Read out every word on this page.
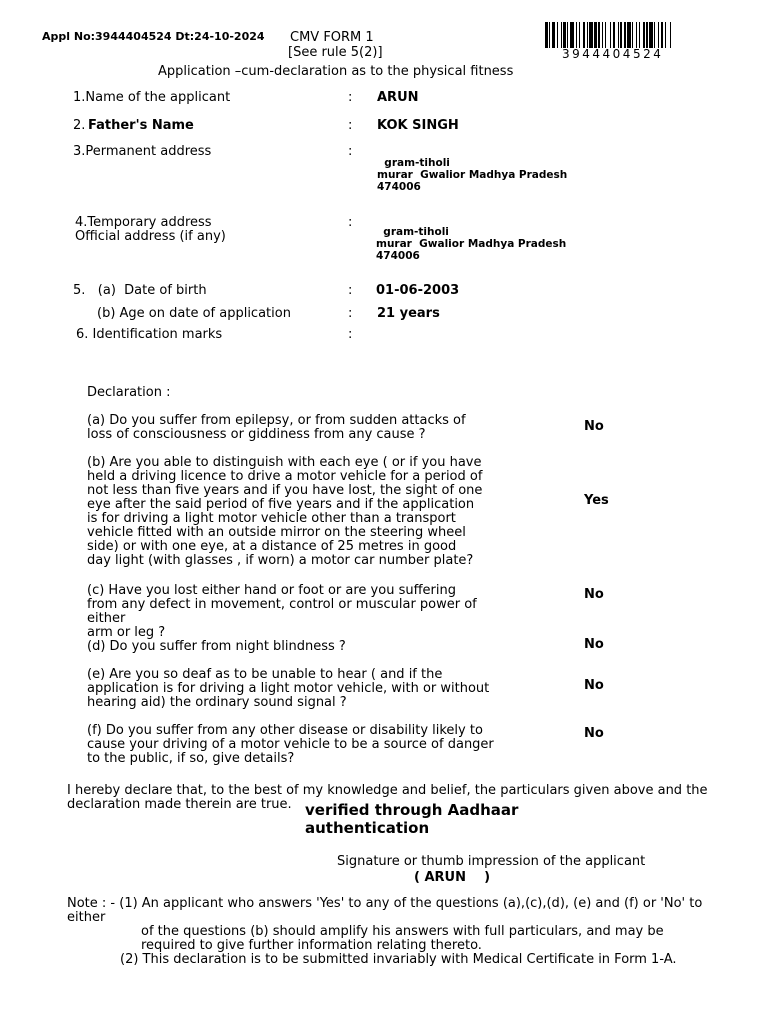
Appl No:3944404524 Dt:24-10-2024 CMV FORM 1
[See rule 5(2)]
Application –cum-declaration as to the physical fitness
3944404524
1.Name of the applicant	: ARUN
2. Father's Name	: KOK SINGH
3.Permanent address	:
gram-tiholi
murar  Gwalior Madhya Pradesh
474006
4.Temporary address
Official address (if any)
:
gram-tiholi
murar  Gwalior Madhya Pradesh
474006
5.   (a)  Date of birth	: 01-06-2003
(b) Age on date of application	: 21 years
6. Identification marks	:
Declaration :
(a) Do you suffer from epilepsy, or from sudden attacks of
loss of consciousness or giddiness from any cause ?
No
(b) Are you able to distinguish with each eye ( or if you have
held a driving licence to drive a motor vehicle for a period of
not less than five years and if you have lost, the sight of one
eye after the said period of five years and if the application
is for driving a light motor vehicle other than a transport
vehicle fitted with an outside mirror on the steering wheel
side) or with one eye, at a distance of 25 metres in good
day light (with glasses , if worn) a motor car number plate?
Yes
(c) Have you lost either hand or foot or are you suffering
from any defect in movement, control or muscular power of either
arm or leg ?
No
(d) Do you suffer from night blindness ?	No
(e) Are you so deaf as to be unable to hear ( and if the
application is for driving a light motor vehicle, with or without
hearing aid) the ordinary sound signal ?
No
(f) Do you suffer from any other disease or disability likely to
cause your driving of a motor vehicle to be a source of danger
to the public, if so, give details?
No
I hereby declare that, to the best of my knowledge and belief, the particulars given above and the
declaration made therein are true. verified through Aadhaar
authentication
Signature or thumb impression of the applicant
( ARUN    )
Note : - (1) An applicant who answers 'Yes' to any of the questions (a),(c),(d), (e) and (f) or 'No' to
either
of the questions (b) should amplify his answers with full particulars, and may be
required to give further information relating thereto.
(2) This declaration is to be submitted invariably with Medical Certificate in Form 1-A.
